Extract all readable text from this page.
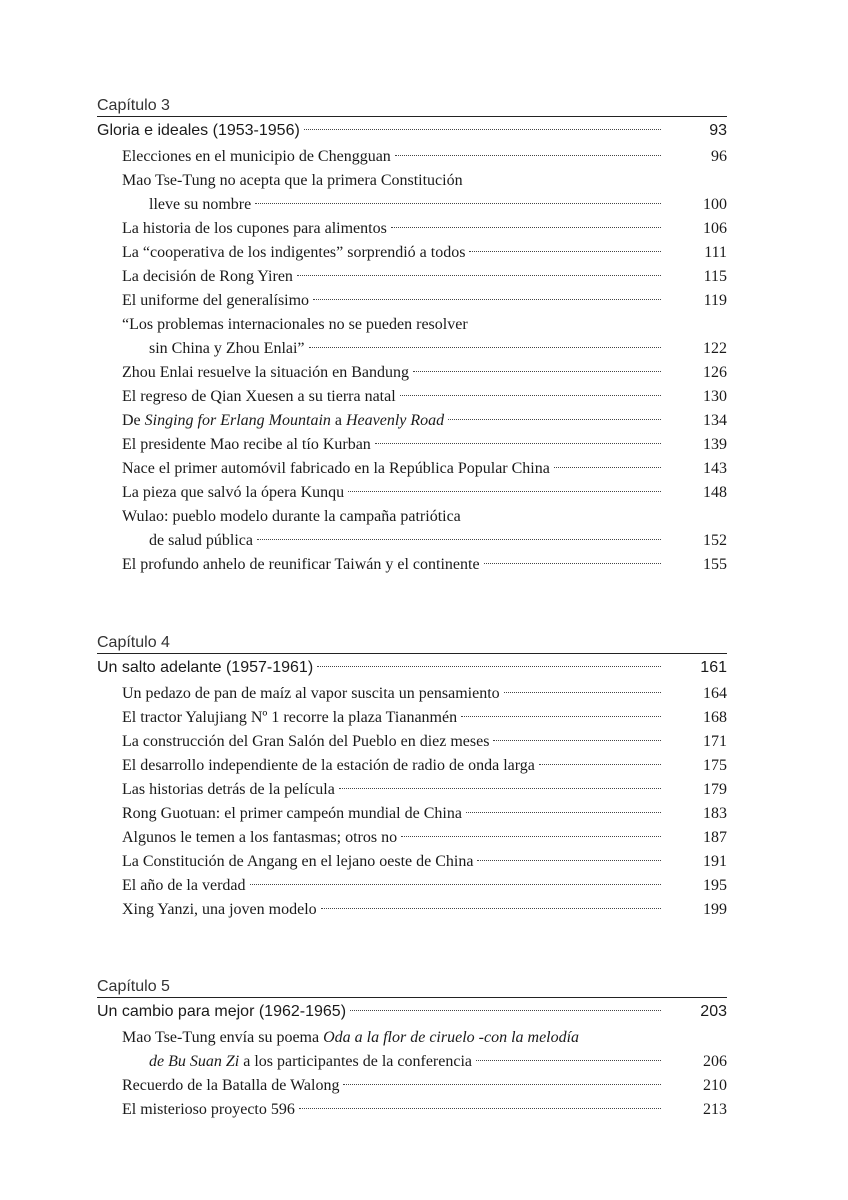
Capítulo 3
Gloria e ideales (1953-1956)	93
Elecciones en el municipio de Chengguan	96
Mao Tse-Tung no acepta que la primera Constitución
lleve su nombre	100
La historia de los cupones para alimentos	106
La “cooperativa de los indigentes” sorprendió a todos	111
La decisión de Rong Yiren	115
El uniforme del generalísimo	119
“Los problemas internacionales no se pueden resolver
sin China y Zhou Enlai”	122
Zhou Enlai resuelve la situación en Bandung	126
El regreso de Qian Xuesen a su tierra natal	130
De Singing for Erlang Mountain a Heavenly Road	134
El presidente Mao recibe al tío Kurban	139
Nace el primer automóvil fabricado en la República Popular China	143
La pieza que salvó la ópera Kunqu	148
Wulao: pueblo modelo durante la campaña patriótica
de salud pública	152
El profundo anhelo de reunificar Taiwán y el continente	155
Capítulo 4
Un salto adelante (1957-1961)	161
Un pedazo de pan de maíz al vapor suscita un pensamiento	164
El tractor Yalujiang Nº 1 recorre la plaza Tiananmén	168
La construcción del Gran Salón del Pueblo en diez meses	171
El desarrollo independiente de la estación de radio de onda larga	175
Las historias detrás de la película	179
Rong Guotuan: el primer campeón mundial de China	183
Algunos le temen a los fantasmas; otros no	187
La Constitución de Angang en el lejano oeste de China	191
El año de la verdad	195
Xing Yanzi, una joven modelo	199
Capítulo 5
Un cambio para mejor (1962-1965)	203
Mao Tse-Tung envía su poema Oda a la flor de ciruelo -con la melodía
de Bu Suan Zi a los participantes de la conferencia	206
Recuerdo de la Batalla de Walong	210
El misterioso proyecto 596	213
